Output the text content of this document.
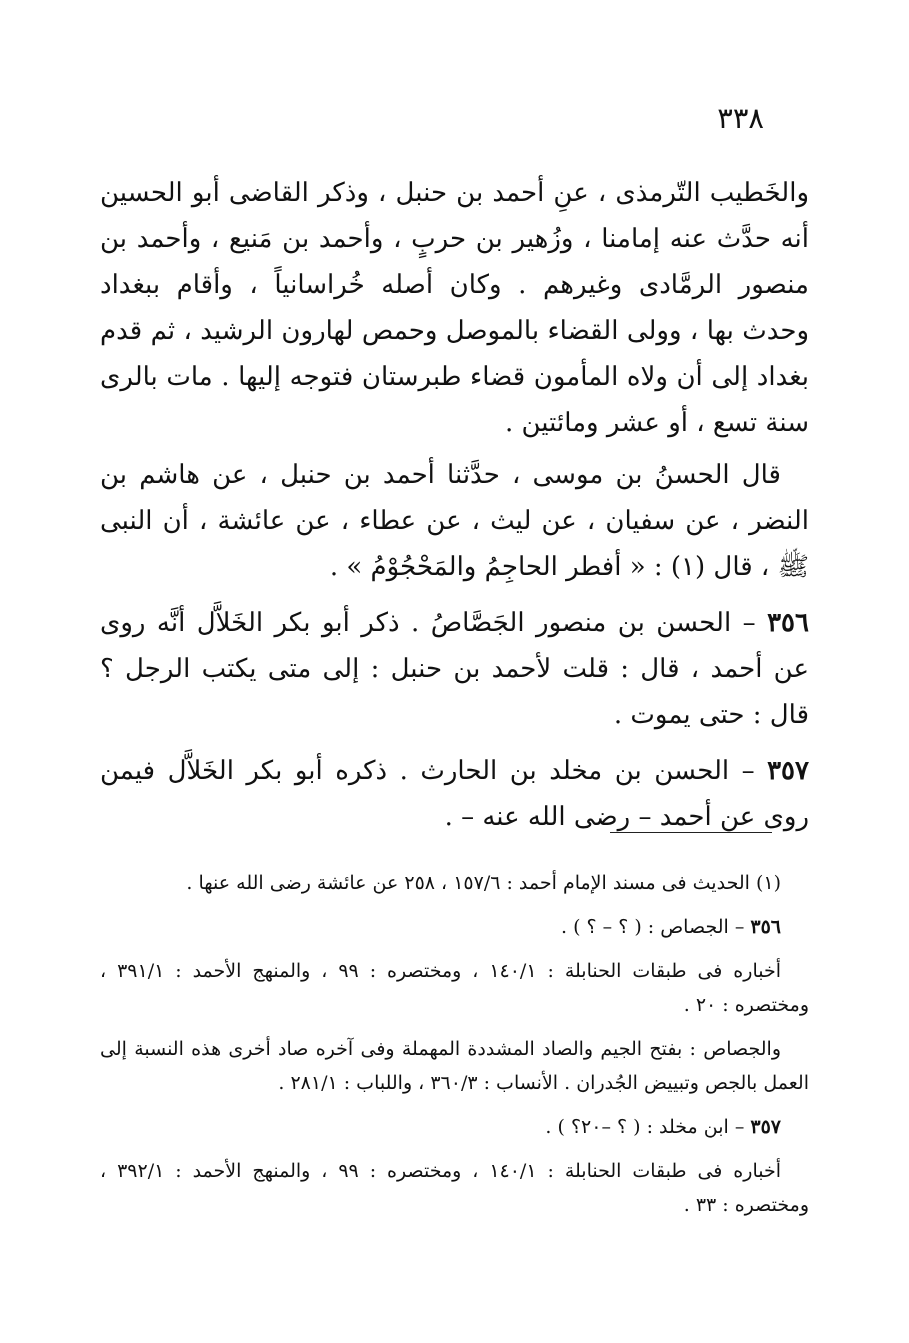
٣٣٨

والخَطيب التّرمذى ، عنِ أحمد بن حنبل ، وذكر القاضى أبو الحسين أنه حدَّث عنه إمامنا ، وزُهير بن حربٍ ، وأحمد بن مَنيع ، وأحمد بن منصور الرمَّادى وغيرهم . وكان أصله خُراسانياً ، وأقام ببغداد وحدث بها ، وولى القضاء بالموصل وحمص لهارون الرشيد ، ثم قدم بغداد إلى أن ولاه المأمون قضاء طبرستان فتوجه إليها . مات بالرى سنة تسع ، أو عشر ومائتين .

قال الحسنُ بن موسى ، حدَّثنا أحمد بن حنبل ، عن هاشم بن النضر ، عن سفيان ، عن ليث ، عن عطاء ، عن عائشة ، أن النبى ﷺ ، قال (١) : « أفطر الحاجِمُ والمَحْجُوْمُ » .

٣٥٦ – الحسن بن منصور الجَصَّاصُ . ذكر أبو بكر الخَلاَّل أنَّه روى عن أحمد ، قال : قلت لأحمد بن حنبل : إلى متى يكتب الرجل ؟ قال : حتى يموت .

٣٥٧ – الحسن بن مخلد بن الحارث . ذكره أبو بكر الخَلاَّل فيمن روى عن أحمد – رضى الله عنه – .

(١) الحديث فى مسند الإمام أحمد : ١٥٧/٦ ، ٢٥٨ عن عائشة رضى الله عنها .

٣٥٦ – الجصاص : ( ؟ – ؟ ) .

أخباره فى طبقات الحنابلة : ١٤٠/١ ، ومختصره : ٩٩ ، والمنهج الأحمد : ٣٩١/١ ، ومختصره : ٢٠ .

والجصاص : بفتح الجيم والصاد المشددة المهملة وفى آخره صاد أخرى هذه النسبة إلى العمل بالجص وتبييض الجُدران . الأنساب : ٣٦٠/٣ ، واللباب : ٢٨١/١ .

٣٥٧ – ابن مخلد : ( ؟ –٢٠؟ ) .

أخباره فى طبقات الحنابلة : ١٤٠/١ ، ومختصره : ٩٩ ، والمنهج الأحمد : ٣٩٢/١ ، ومختصره : ٣٣ .
